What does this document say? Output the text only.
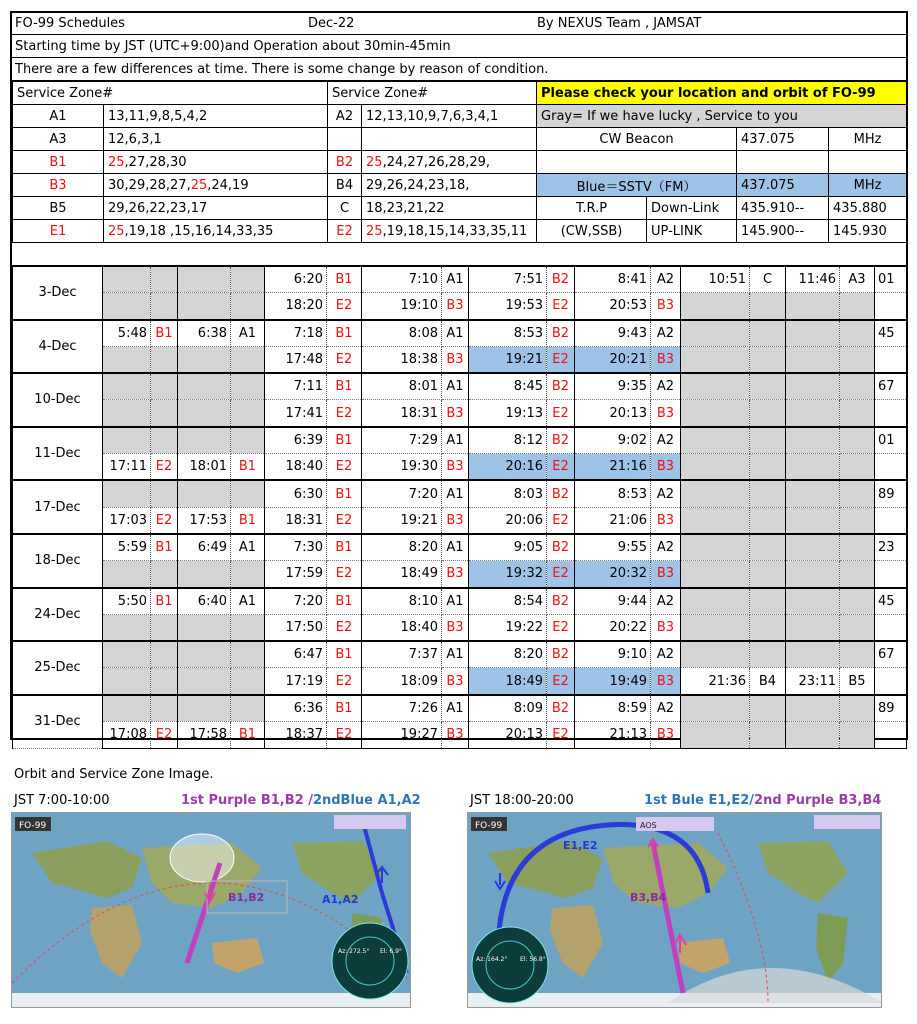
FO-99 Schedules	Dec-22	By NEXUS Team , JAMSAT
Starting time by JST (UTC+9:00)and Operation about 30min-45min
There are a few differences at time. There is some change by reason of condition.
Service Zone#		Service Zone#		Please check your location and orbit of FO-99			
A1	13,11,9,8,5,4,2	A2	12,13,10,9,7,6,3,4,1	Gray= If we have lucky , Service to you			
A3	12,6,3,1			CW Beacon		437.075	MHz
B1	25,27,28,30	B2	25,24,27,26,28,29,				
B3	30,29,28,27,25,24,19	B4	29,26,24,23,18,	Blue＝SSTV（FM）		437.075	MHz
B5	29,26,22,23,17	C	18,23,21,22	T.R.P	Down-Link	435.910--	435.880
E1	25,19,18 ,15,16,14,33,35	E2	25,19,18,15,14,33,35,11	(CW,SSB)	UP-LINK	145.900--	145.930
3-Dec					6:20	B1	7:10	A1	7:51	B2	8:41	A2	10:51	C	11:46	A3	01
					18:20	E2	19:10	B3	19:53	E2	20:53	B3					
4-Dec	5:48	B1	6:38	A1	7:18	B1	8:08	A1	8:53	B2	9:43	A2					45
					17:48	E2	18:38	B3	19:21	E2	20:21	B3					
10-Dec					7:11	B1	8:01	A1	8:45	B2	9:35	A2					67
					17:41	E2	18:31	B3	19:13	E2	20:13	B3					
11-Dec					6:39	B1	7:29	A1	8:12	B2	9:02	A2					01
	17:11	E2	18:01	B1	18:40	E2	19:30	B3	20:16	E2	21:16	B3					
17-Dec					6:30	B1	7:20	A1	8:03	B2	8:53	A2					89
	17:03	E2	17:53	B1	18:31	E2	19:21	B3	20:06	E2	21:06	B3					
18-Dec	5:59	B1	6:49	A1	7:30	B1	8:20	A1	9:05	B2	9:55	A2					23
					17:59	E2	18:49	B3	19:32	E2	20:32	B3					
24-Dec	5:50	B1	6:40	A1	7:20	B1	8:10	A1	8:54	B2	9:44	A2					45
					17:50	E2	18:40	B3	19:22	E2	20:22	B3					
25-Dec					6:47	B1	7:37	A1	8:20	B2	9:10	A2					67
					17:19	E2	18:09	B3	18:49	E2	19:49	B3	21:36	B4	23:11	B5	
31-Dec					6:36	B1	7:26	A1	8:09	B2	8:59	A2					89
	17:08	E2	17:58	B1	18:37	E2	19:27	B3	20:13	E2	21:13	B3					
Orbit and Service Zone Image.
JST 7:00-10:00	1st Purple B1,B2 /2ndBlue A1,A2	JST 18:00-20:00	1st Bule E1,E2/2nd Purple B3,B4
B1,B2	A1,A2
FO-99
Az: 272.5° El: 6.9°
E1,E2
B3,B4
FO-99	AOS
Az: 164.2° El: 56.8°
